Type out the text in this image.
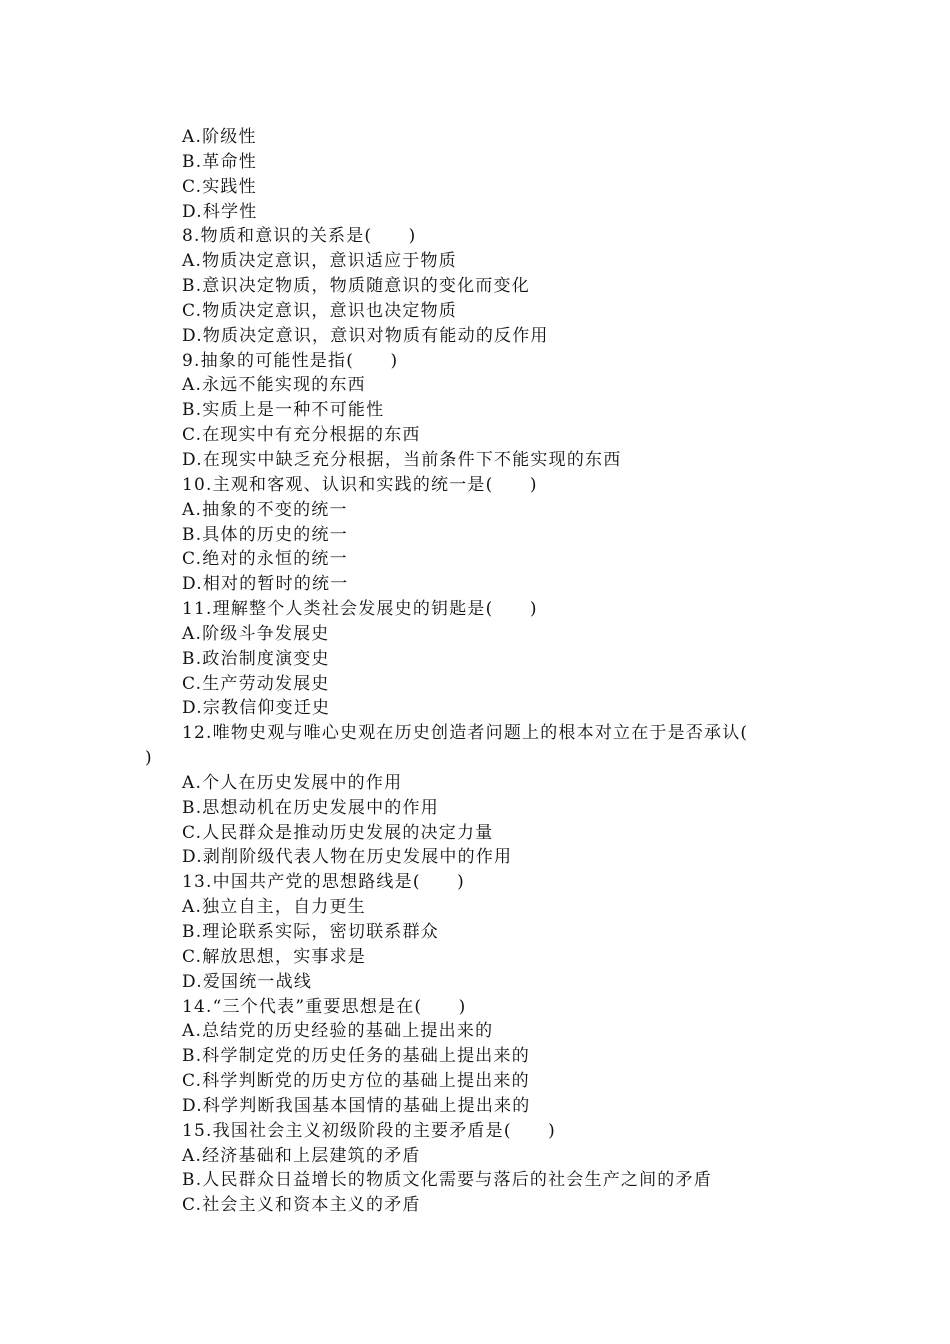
A.阶级性
B.革命性
C.实践性
D.科学性
8.物质和意识的关系是(　　)
A.物质决定意识，意识适应于物质
B.意识决定物质，物质随意识的变化而变化
C.物质决定意识，意识也决定物质
D.物质决定意识，意识对物质有能动的反作用
9.抽象的可能性是指(　　)
A.永远不能实现的东西
B.实质上是一种不可能性
C.在现实中有充分根据的东西
D.在现实中缺乏充分根据，当前条件下不能实现的东西
10.主观和客观、认识和实践的统一是(　　)
A.抽象的不变的统一
B.具体的历史的统一
C.绝对的永恒的统一
D.相对的暂时的统一
11.理解整个人类社会发展史的钥匙是(　　)
A.阶级斗争发展史
B.政治制度演变史
C.生产劳动发展史
D.宗教信仰变迁史
12.唯物史观与唯心史观在历史创造者问题上的根本对立在于是否承认(
)
A.个人在历史发展中的作用
B.思想动机在历史发展中的作用
C.人民群众是推动历史发展的决定力量
D.剥削阶级代表人物在历史发展中的作用
13.中国共产党的思想路线是(　　)
A.独立自主，自力更生
B.理论联系实际，密切联系群众
C.解放思想，实事求是
D.爱国统一战线
14.“三个代表”重要思想是在(　　)
A.总结党的历史经验的基础上提出来的
B.科学制定党的历史任务的基础上提出来的
C.科学判断党的历史方位的基础上提出来的
D.科学判断我国基本国情的基础上提出来的
15.我国社会主义初级阶段的主要矛盾是(　　)
A.经济基础和上层建筑的矛盾
B.人民群众日益增长的物质文化需要与落后的社会生产之间的矛盾
C.社会主义和资本主义的矛盾
